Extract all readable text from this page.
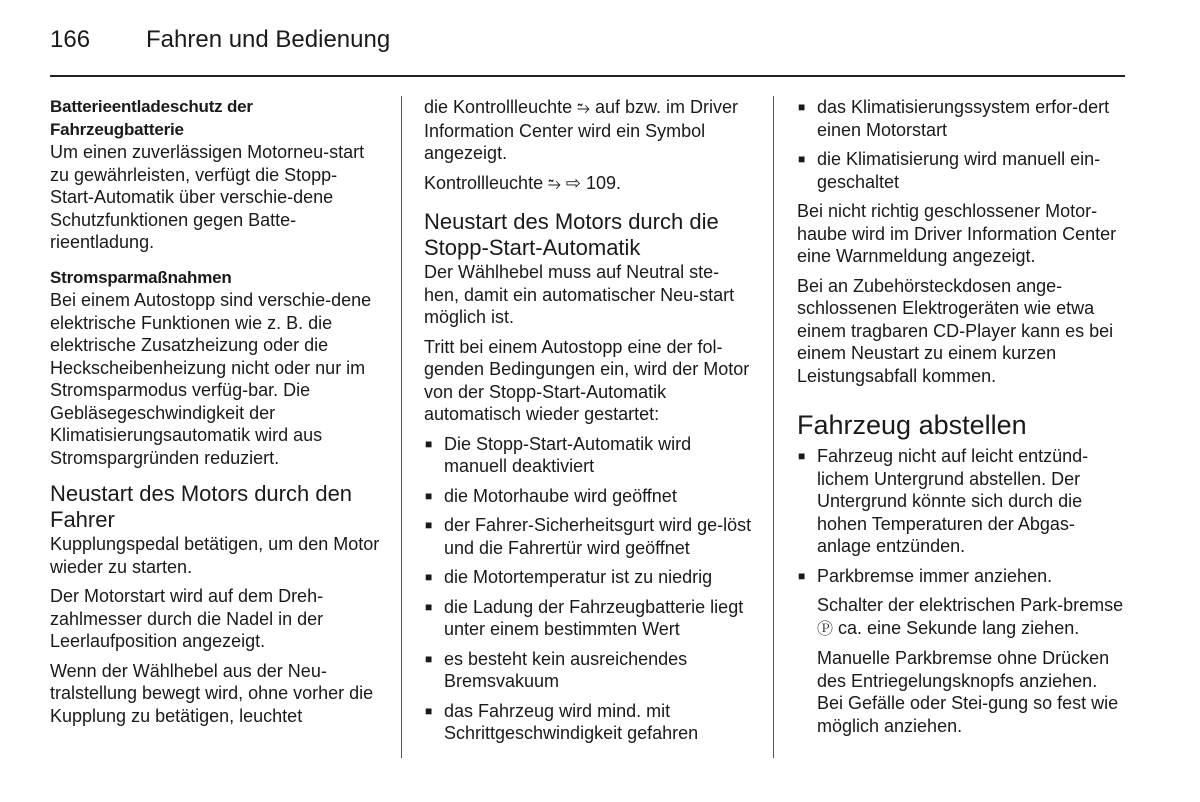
166 Fahren und Bedienung
Batterieentladeschutz der Fahrzeugbatterie

Um einen zuverlässigen Motorneu-start zu gewährleisten, verfügt die Stopp-Start-Automatik über verschie-dene Schutzfunktionen gegen Batte-rieentladung.

Stromsparmaßnahmen

Bei einem Autostopp sind verschie-dene elektrische Funktionen wie z. B. die elektrische Zusatzheizung oder die Heckscheibenheizung nicht oder nur im Stromsparmodus verfüg-bar. Die Gebläsegeschwindigkeit der Klimatisierungsautomatik wird aus Stromspargründen reduziert.

Neustart des Motors durch den Fahrer

Kupplungspedal betätigen, um den Motor wieder zu starten.

Der Motorstart wird auf dem Dreh-zahlmesser durch die Nadel in der Leerlaufposition angezeigt.

Wenn der Wählhebel aus der Neu-tralstellung bewegt wird, ohne vorher die Kupplung zu betätigen, leuchtet

die Kontrollleuchte ⥲ auf bzw. im Driver Information Center wird ein Symbol angezeigt.

Kontrollleuchte ⥲ ⇨ 109.

Neustart des Motors durch die Stopp-Start-Automatik

Der Wählhebel muss auf Neutral ste-hen, damit ein automatischer Neu-start möglich ist.

Tritt bei einem Autostopp eine der fol-genden Bedingungen ein, wird der Motor von der Stopp-Start-Automatik automatisch wieder gestartet:

■ Die Stopp-Start-Automatik wird manuell deaktiviert

■ die Motorhaube wird geöffnet

■ der Fahrer-Sicherheitsgurt wird ge-löst und die Fahrertür wird geöffnet

■ die Motortemperatur ist zu niedrig

■ die Ladung der Fahrzeugbatterie liegt unter einem bestimmten Wert

■ es besteht kein ausreichendes Bremsvakuum

■ das Fahrzeug wird mind. mit Schrittgeschwindigkeit gefahren

■ das Klimatisierungssystem erfor-dert einen Motorstart

■ die Klimatisierung wird manuell ein-geschaltet

Bei nicht richtig geschlossener Motor-haube wird im Driver Information Center eine Warnmeldung angezeigt.

Bei an Zubehörsteckdosen ange-schlossenen Elektrogeräten wie etwa einem tragbaren CD-Player kann es bei einem Neustart zu einem kurzen Leistungsabfall kommen.

Fahrzeug abstellen

■ Fahrzeug nicht auf leicht entzünd-lichem Untergrund abstellen. Der Untergrund könnte sich durch die hohen Temperaturen der Abgas-anlage entzünden.

■ Parkbremse immer anziehen.

Schalter der elektrischen Park-bremse Ⓟ ca. eine Sekunde lang ziehen.

Manuelle Parkbremse ohne Drücken des Entriegelungsknopfs anziehen. Bei Gefälle oder Stei-gung so fest wie möglich anziehen.
